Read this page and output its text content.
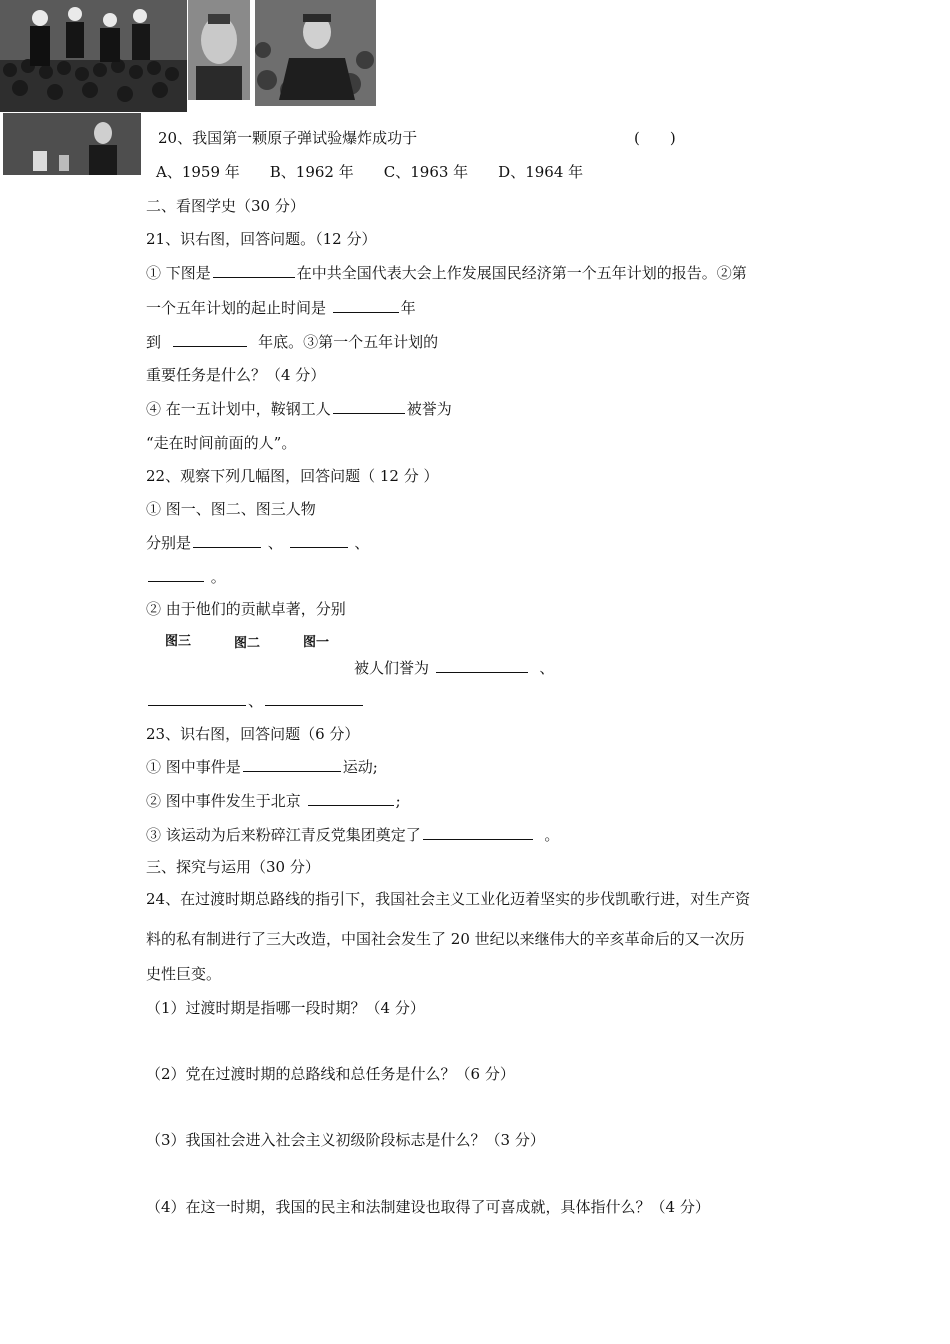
20、我国第一颗原子弹试验爆炸成功于	(　　)
A、1959 年 B、1962 年 C、1963 年 D、1964 年
二、看图学史（30 分）
21、识右图，回答问题。（12 分）
① 下图是	在中共全国代表大会上作发展国民经济第一个五年计划的报告。②第
一个五年计划的起止时间是	年
到	年底。③第一个五年计划的
重要任务是什么？（4 分）
④ 在一五计划中，鞍钢工人	被誉为
“走在时间前面的人”。
22、观察下列几幅图，回答问题（ 12 分 ）
① 图一、图二、图三人物
分别是	、	、
。
② 由于他们的贡献卓著，分别
图三	图二	图一
被人们誉为	、
、
23、识右图，回答问题（6 分）
① 图中事件是	运动;
② 图中事件发生于北京	;
③ 该运动为后来粉碎江青反党集团奠定了	。
三、探究与运用（30 分）
24、在过渡时期总路线的指引下，我国社会主义工业化迈着坚实的步伐凯歌行进，对生产资
料的私有制进行了三大改造，中国社会发生了 20 世纪以来继伟大的辛亥革命后的又一次历
史性巨变。
（1）过渡时期是指哪一段时期？（4 分）
（2）党在过渡时期的总路线和总任务是什么？（6 分）
（3）我国社会进入社会主义初级阶段标志是什么？（3 分）
（4）在这一时期，我国的民主和法制建设也取得了可喜成就，具体指什么？（4 分）
